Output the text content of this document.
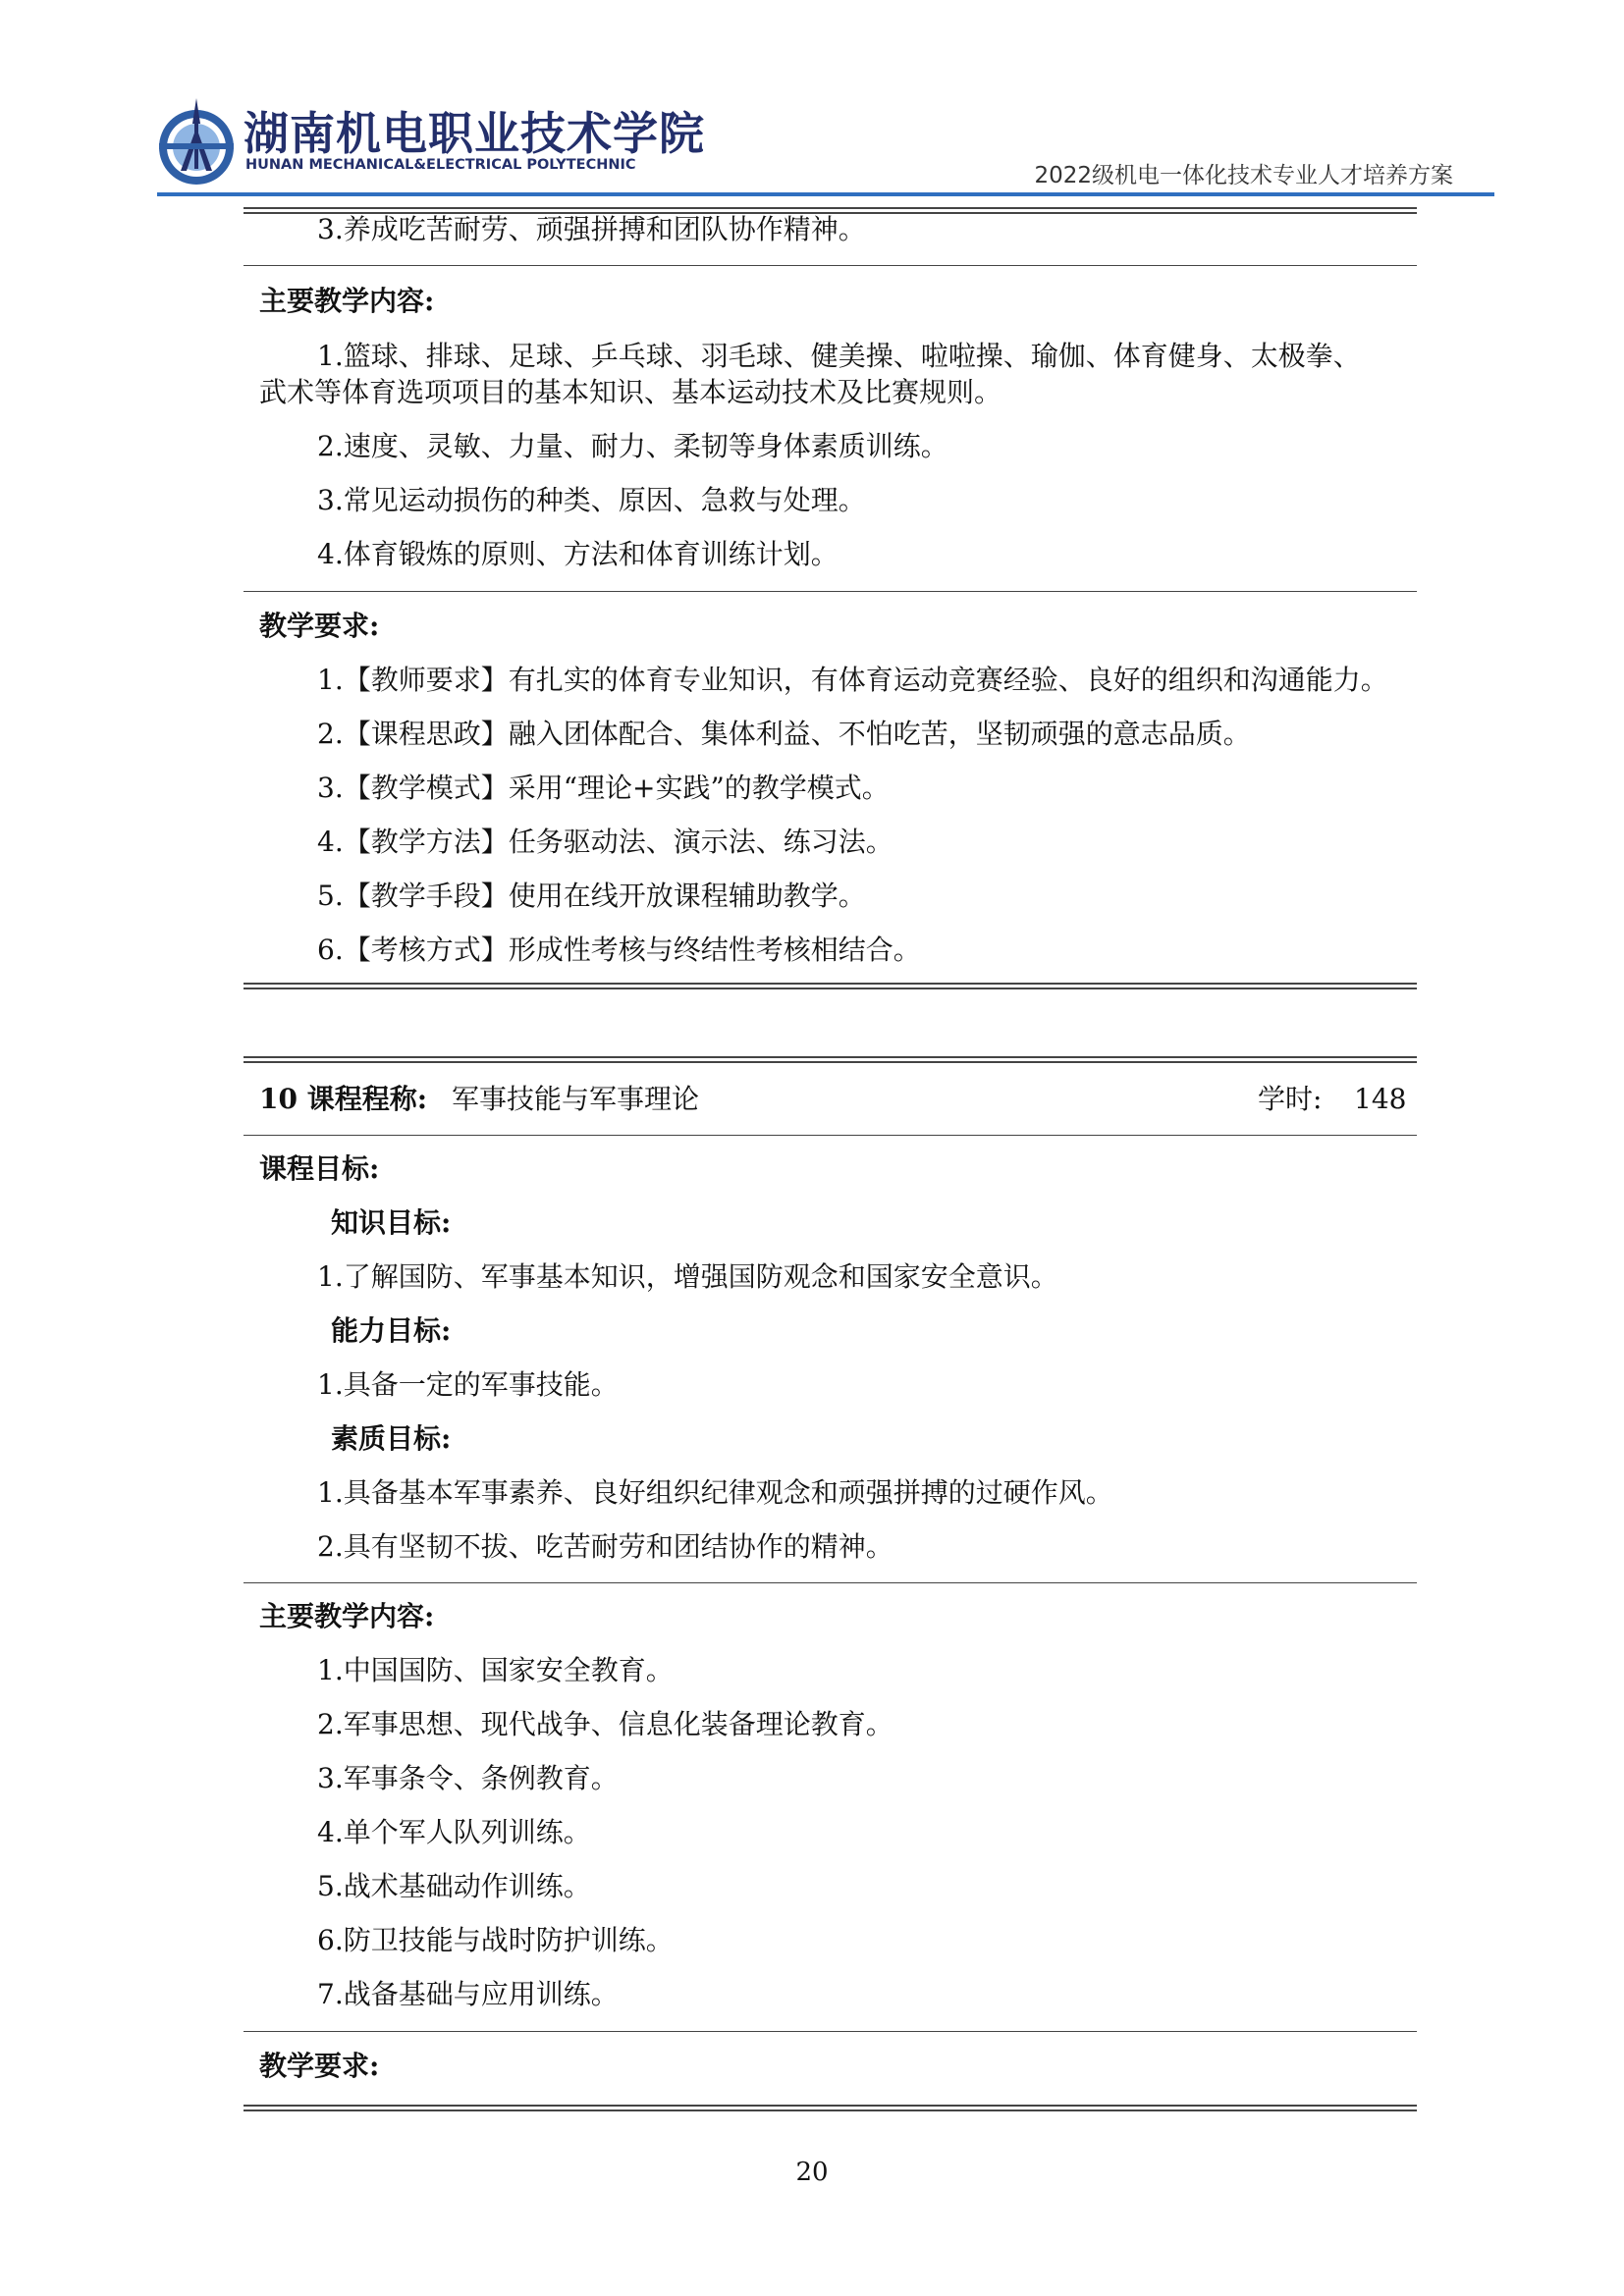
湖南机电职业技术学院
HUNAN MECHANICAL&ELECTRICAL POLYTECHNIC	2022级机电一体化技术专业人才培养方案
3.养成吃苦耐劳、顽强拼搏和团队协作精神。
主要教学内容:
1.篮球、排球、足球、乒乓球、羽毛球、健美操、啦啦操、瑜伽、体育健身、太极拳、
武术等体育选项项目的基本知识、基本运动技术及比赛规则。
2.速度、灵敏、力量、耐力、柔韧等身体素质训练。
3.常见运动损伤的种类、原因、急救与处理。
4.体育锻炼的原则、方法和体育训练计划。
教学要求:
1.【教师要求】有扎实的体育专业知识，有体育运动竞赛经验、良好的组织和沟通能力。
2.【课程思政】融入团体配合、集体利益、不怕吃苦，坚韧顽强的意志品质。
3.【教学模式】采用“理论+实践”的教学模式。
4.【教学方法】任务驱动法、演示法、练习法。
5.【教学手段】使用在线开放课程辅助教学。
6.【考核方式】形成性考核与终结性考核相结合。
10 课程程称: 军事技能与军事理论	学时: 148
课程目标:
知识目标:
1.了解国防、军事基本知识，增强国防观念和国家安全意识。
能力目标:
1.具备一定的军事技能。
素质目标:
1.具备基本军事素养、良好组织纪律观念和顽强拼搏的过硬作风。
2.具有坚韧不拔、吃苦耐劳和团结协作的精神。
主要教学内容:
1.中国国防、国家安全教育。
2.军事思想、现代战争、信息化装备理论教育。
3.军事条令、条例教育。
4.单个军人队列训练。
5.战术基础动作训练。
6.防卫技能与战时防护训练。
7.战备基础与应用训练。
教学要求:
20
